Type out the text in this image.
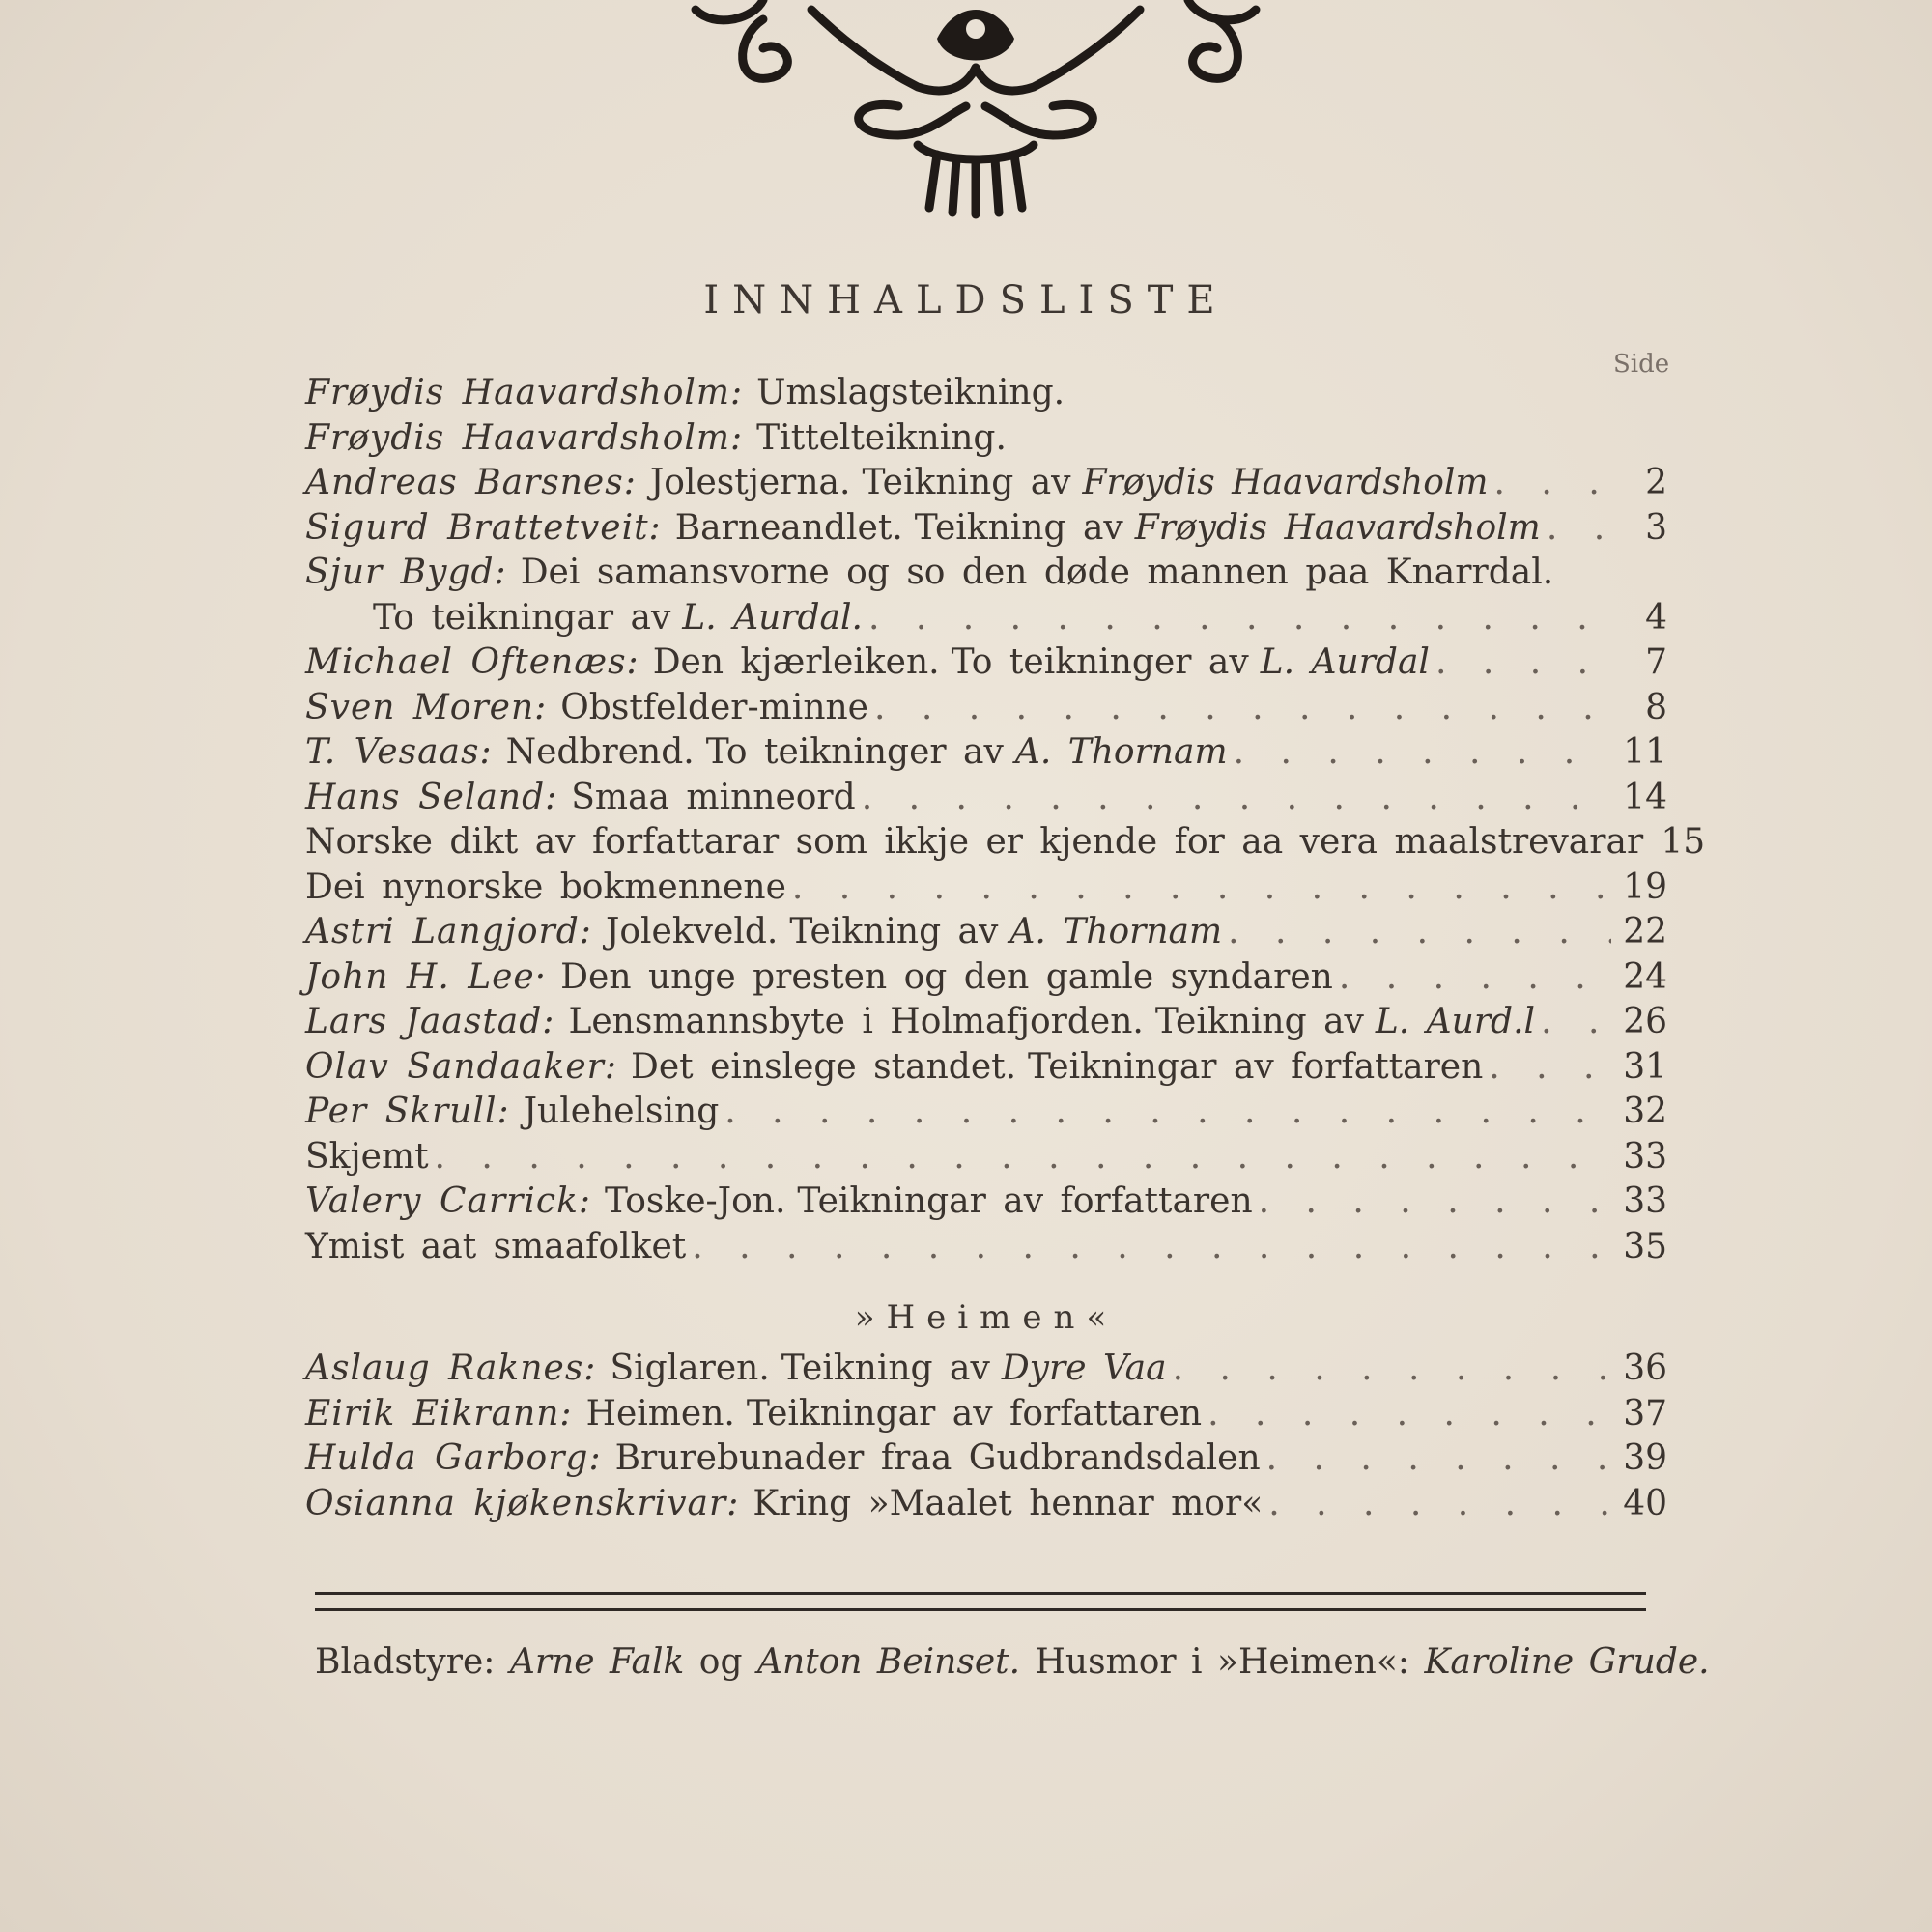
INNHALDSLISTE
Side
Frøydis Haavardsholm: Umslagsteikning.
Frøydis Haavardsholm: Tittelteikning.
Andreas Barsnes: Jolestjerna. Teikning av Frøydis Haavardsholm . . .	2
Sigurd Brattetveit: Barneandlet. Teikning av Frøydis Haavardsholm . . .	3
Sjur Bygd: Dei samansvorne og so den døde mannen paa Knarrdal.
To teikningar av L. Aurdal. . . .	4
Michael Oftenæs: Den kjærleiken. To teikninger av L. Aurdal . . .	7
Sven Moren: Obstfelder-minne . . .	8
T. Vesaas: Nedbrend. To teikninger av A. Thornam . . .	11
Hans Seland: Smaa minneord . . .	14
Norske dikt av forfattarar som ikkje er kjende for aa vera maalstrevarar 15
Dei nynorske bokmennene . . .	19
Astri Langjord: Jolekveld. Teikning av A. Thornam . . .	22
John H. Lee· Den unge presten og den gamle syndaren . . .	24
Lars Jaastad: Lensmannsbyte i Holmafjorden. Teikning av L. Aurd.l . . .	26
Olav Sandaaker: Det einslege standet. Teikningar av forfattaren . . .	31
Per Skrull: Julehelsing . . .	32
Skjemt . . .	33
Valery Carrick: Toske-Jon. Teikningar av forfattaren . . .	33
Ymist aat smaafolket . . .	35
»Heimen«
Aslaug Raknes: Siglaren. Teikning av Dyre Vaa . . .	36
Eirik Eikrann: Heimen. Teikningar av forfattaren . . .	37
Hulda Garborg: Brurebunader fraa Gudbrandsdalen . . .	39
Osianna kjøkenskrivar: Kring »Maalet hennar mor« . . .	40
Bladstyre: Arne Falk og Anton Beinset. Husmor i »Heimen«: Karoline Grude.
